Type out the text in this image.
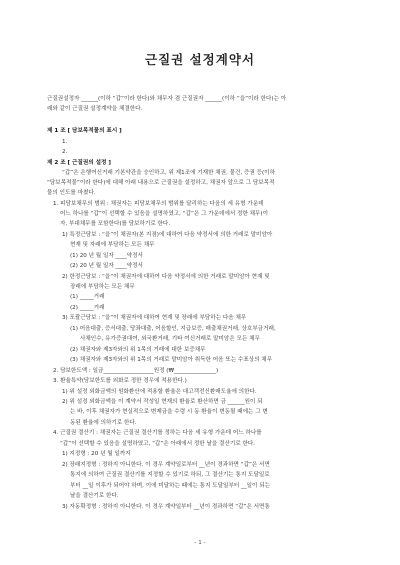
근질권 설정계약서
근질권설정자 ______(이하 “갑”이라 한다)와 채무자 겸 근질권자 ______(이하 “을”이라 한다)는 아
래와 같이 근질권 설정계약을 체결한다.
제 1 조 [ 담보목적물의 표시 ]
1.
2.
제 2 조 [ 근질권의 설정 ]
“갑”은 은행여신거래 기본약관을 승인하고, 위 제1조에 기재한 채권, 물건, 증권 등(이하
“담보목적물”이라 한다)에 대해 아래 내용으로 근질권을 설정하고, 채권자 앞으로 그 담보목적
물의 인도를 마쳤다.
1. 피담보채무의 범위 : 채권자는 피담보채무의 범위를 달리하는 다음의 세 유형 가운데
어느 하나를 “갑”이 선택할 수 있음을 설명하였고, “갑”은 그 가운데에서 정한 채무(이
자, 부대채무를 포함한다)를 담보하기로 한다.
1) 특정근담보 : “을”이 채권자(본 지점)에 대하여 다음 약정서에 의한 거래로 말미암아
현재 및 자래에 부담하는 모든 채무
(1) 20 년 월 일자 ____약정서
(2) 20 년 월 일자 ____약정서
2) 한정근담보 : “을”이 채권자에 대하여 다음 약정서에 의한 거래로 말미암아 현재 및
장래에 부담하는 모든 채무
(1) _____거래
(2) _____거래
3) 포괄근담보 : “을”이 채권자에 대하여 현재 및 장래에 부담하는 다음 채무
(1) 어음대출, 증서대출, 당좌대출, 어음할인, 지급보증, 매출채권거래, 상호부금거래,
사채인수, 유가증권대여, 외국환거래, 기타 여신거래로 말미암은 모든 채무
(2) 채권자와 제3자와의 위 1목의 거래에 대한 보증채무
(3) 채권자와 제3자와의 위 1목의 거래로 말미암아 취득한 어음 또는 수표상의 채무
2. 담보한도액 : 일금__________________원정 (₩_______________)
3. 환율특약(담보한도를 외화로 정한 경우에 적용한다.)
1) 위 설정 외화금액의 원화환산에 적용할 환율은 대고객전신환매도율에 의한다.
2) 위 설정 외화금액을 이 계약서 작성일 현재의 환율로 환산하면 금 ______원이 되
는 바, 이후 채권자가 현실적으로 변제금을 수령 시 동 환율이 변동될 때에는 그 변
동된 환율에 의하기로 한다.
4. 근질권 결산기 : 채권자는 근질권 결산기를 정하는 다음 세 유형 가운데 어느 하나를
“갑”이 선택할 수 있음을 설명하였고, “갑”은 아래에서 정한 날을 결산기로 한다.
1) 지정형 : 20 년 월 일까지
2) 장래지정형 : 정하지 아니한다. 이 경우 계약일로부터 __년이 경과하면 “갑”은 서면
통지에 의하여 근질권 결산기를 지정할 수 있기로 하되, 그 결산기는 통지 도달일로
부터 __일 이후가 되어야 하며, 이에 미달하는 때에는 통지 도달일부터 __일이 되는
날을 결산기로 한다.
3) 자동확정형 : 정하지 아니한다. 이 경우 계약일부터 __년이 경과하면 “갑”은 서면통
- 1 -
